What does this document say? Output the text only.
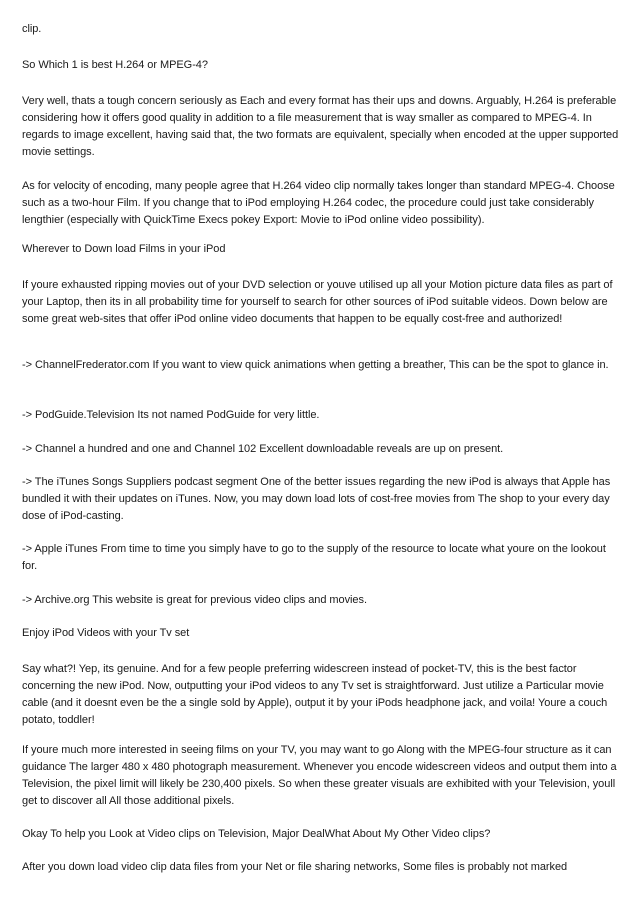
clip.

So Which 1 is best H.264 or MPEG-4?

Very well, thats a tough concern seriously as Each and every format has their ups and downs. Arguably, H.264 is preferable considering how it offers good quality in addition to a file measurement that is way smaller as compared to MPEG-4. In regards to image excellent, having said that, the two formats are equivalent, specially when encoded at the upper supported movie settings.

As for velocity of encoding, many people agree that H.264 video clip normally takes longer than standard MPEG-4. Choose such as a two-hour Film. If you change that to iPod employing H.264 codec, the procedure could just take considerably lengthier (especially with QuickTime Execs pokey Export: Movie to iPod online video possibility).

Wherever to Down load Films in your iPod

If youre exhausted ripping movies out of your DVD selection or youve utilised up all your Motion picture data files as part of your Laptop, then its in all probability time for yourself to search for other sources of iPod suitable videos. Down below are some great web-sites that offer iPod online video documents that happen to be equally cost-free and authorized!

-> ChannelFrederator.com If you want to view quick animations when getting a breather, This can be the spot to glance in.

-> PodGuide.Television Its not named PodGuide for very little.

-> Channel a hundred and one and Channel 102 Excellent downloadable reveals are up on present.

-> The iTunes Songs Suppliers podcast segment One of the better issues regarding the new iPod is always that Apple has bundled it with their updates on iTunes. Now, you may down load lots of cost-free movies from The shop to your every day dose of iPod-casting.

-> Apple iTunes From time to time you simply have to go to the supply of the resource to locate what youre on the lookout for.

-> Archive.org This website is great for previous video clips and movies.

Enjoy iPod Videos with your Tv set

Say what?! Yep, its genuine. And for a few people preferring widescreen instead of pocket-TV, this is the best factor concerning the new iPod. Now, outputting your iPod videos to any Tv set is straightforward. Just utilize a Particular movie cable (and it doesnt even be the a single sold by Apple), output it by your iPods headphone jack, and voila! Youre a couch potato, toddler!

If youre much more interested in seeing films on your TV, you may want to go Along with the MPEG-four structure as it can guidance The larger 480 x 480 photograph measurement. Whenever you encode widescreen videos and output them into a Television, the pixel limit will likely be 230,400 pixels. So when these greater visuals are exhibited with your Television, youll get to discover all All those additional pixels.

Okay To help you Look at Video clips on Television, Major DealWhat About My Other Video clips?

After you down load video clip data files from your Net or file sharing networks, Some files is probably not marked
